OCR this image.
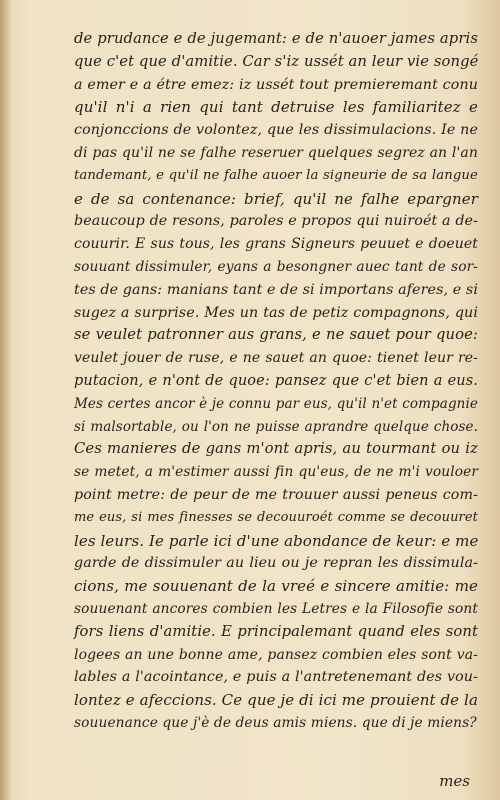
de prudance e de jugemant: e de n'auoer james apris
que c'et que d'amitie. Car s'iz ussét an leur vie songé
a emer e a étre emez: iz ussét tout premieremant conu
qu'il n'i a rien qui tant detruise les familiaritez e
conjonccions de volontez, que les dissimulacions. Ie ne
di pas qu'il ne se falhe reseruer quelques segrez an l'an
tandemant, e qu'il ne falhe auoer la signeurie de sa langue
e de sa contenance: brief, qu'il ne falhe epargner
beaucoup de resons, paroles e propos qui nuiroét a de-
couurir. E sus tous, les grans Signeurs peuuet e doeuet
souuant dissimuler, eyans a besongner auec tant de sor-
tes de gans: manians tant e de si importans aferes, e si
sugez a surprise. Mes un tas de petiz compagnons, qui
se veulet patronner aus grans, e ne sauet pour quoe:
veulet jouer de ruse, e ne sauet an quoe: tienet leur re-
putacion, e n'ont de quoe: pansez que c'et bien a eus.
Mes certes ancor è je connu par eus, qu'il n'et compagnie
si malsortable, ou l'on ne puisse aprandre quelque chose.
Ces manieres de gans m'ont apris, au tourmant ou iz
se metet, a m'estimer aussi fin qu'eus, de ne m'i vouloer
point metre: de peur de me trouuer aussi peneus com-
me eus, si mes finesses se decouuroét comme se decouuret
les leurs. Ie parle ici d'une abondance de keur: e me
garde de dissimuler au lieu ou je repran les dissimula-
cions, me souuenant de la vreé e sincere amitie: me
souuenant ancores combien les Letres e la Filosofie sont
fors liens d'amitie. E principalemant quand eles sont
logees an une bonne ame, pansez combien eles sont va-
lables a l'acointance, e puis a l'antretenemant des vou-
lontez e afeccions. Ce que je di ici me prouient de la
souuenance que j'è de deus amis miens. que di je miens?
mes
